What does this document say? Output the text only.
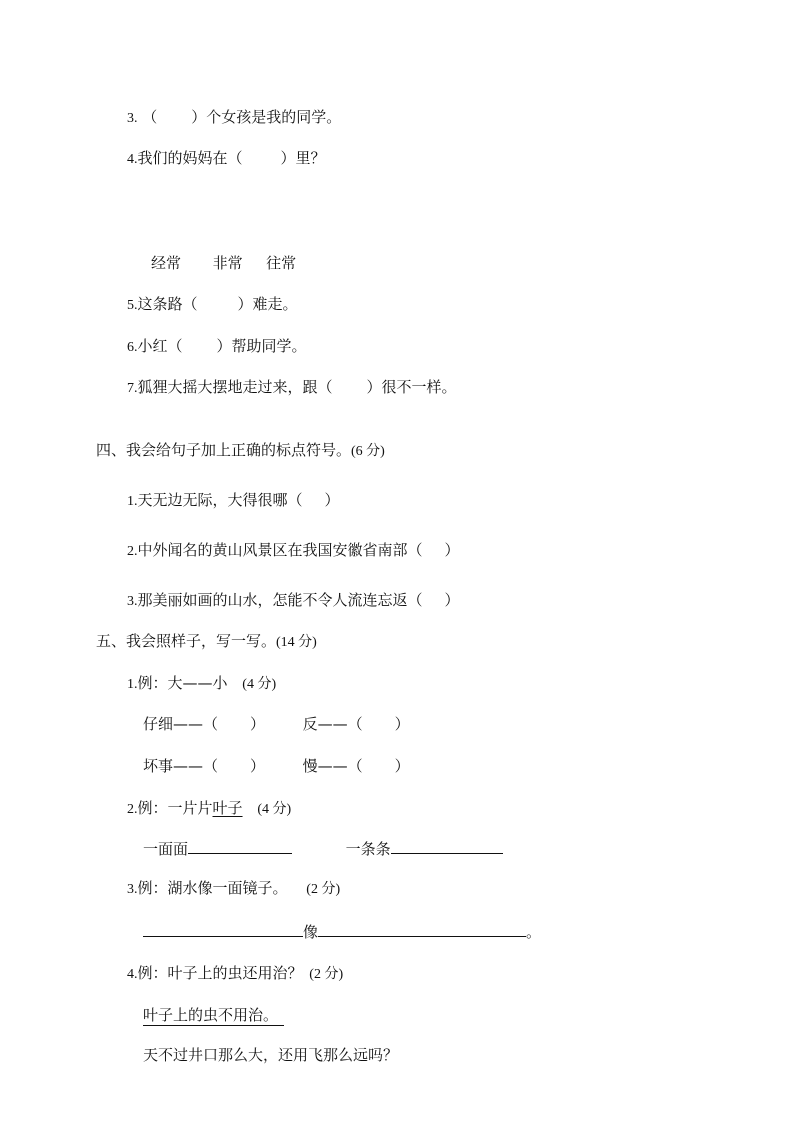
3. （ ）个女孩是我的同学。
4.我们的妈妈在（	）里？
经常 非常 往常
5.这条路（	）难走。
6.小红（ ）帮助同学。
7.狐狸大摇大摆地走过来，跟（ ）很不一样。
四、我会给句子加上正确的标点符号。(6 分)
1.天无边无际，大得很哪（ ）
2.中外闻名的黄山风景区在我国安徽省南部（ ）
3.那美丽如画的山水，怎能不令人流连忘返（ ）
五、我会照样子，写一写。(14 分)
1.例：大——小 (4 分)
仔细——（ ）	反——（ ）
坏事——（ ）	慢——（ ）
2.例：一片片叶子 (4 分)
一面面	一条条
3.例：湖水像一面镜子。 (2 分)
像	。
4.例：叶子上的虫还用治？ (2 分)
叶子上的虫不用治。
天不过井口那么大，还用飞那么远吗？
